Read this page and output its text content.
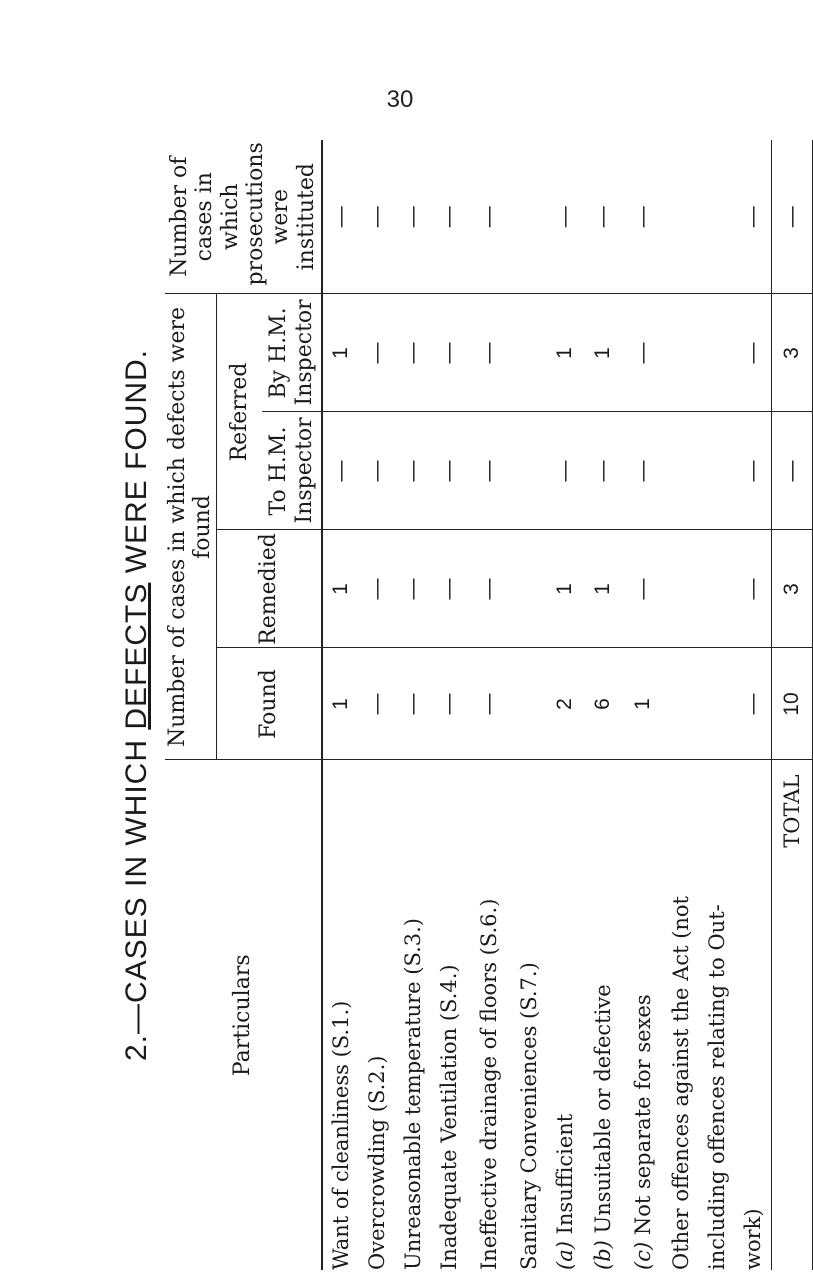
30
2.—CASES IN WHICH DEFECTS WERE FOUND.
Particulars	Number of cases in which defects were found				Number of cases in which prosecutions were instituted
	Found	Remedied	Referred		
			To H.M. Inspector	By H.M. Inspector	
Want of cleanliness (S.1.)	1	1	—	1	—
Overcrowding (S.2.)	—	—	—	—	—
Unreasonable temperature (S.3.)	—	—	—	—	—
Inadequate Ventilation (S.4.)	—	—	—	—	—
Ineffective drainage of floors (S.6.)	—	—	—	—	—
Sanitary Conveniences (S.7.)					
(a) Insufficient	2	1	—	1	—
(b) Unsuitable or defective	6	1	—	1	—
(c) Not separate for sexes	1	—	—	—	—
Other offences against the Act (not					
including offences relating to Out-					
work)	—	—	—	—	—
TOTAL	10	3	—	3	—
